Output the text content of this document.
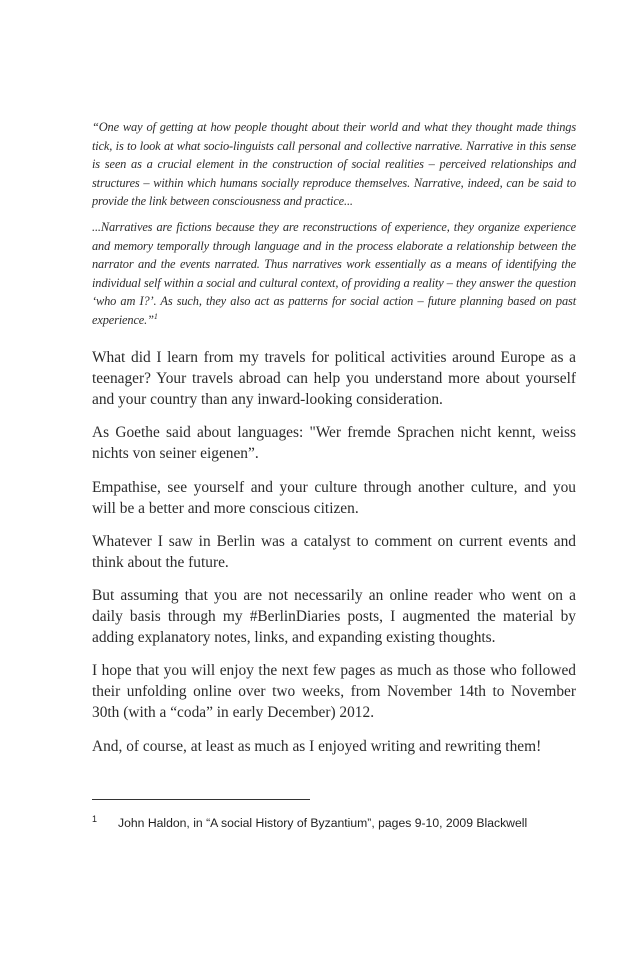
“One way of getting at how people thought about their world and what they thought made things tick, is to look at what socio-linguists call personal and collective narrative. Narrative in this sense is seen as a crucial element in the construction of social realities – perceived relationships and structures – within which humans socially reproduce themselves. Narrative, indeed, can be said to provide the link between consciousness and practice...

...Narratives are fictions because they are reconstructions of experience, they organize experience and memory temporally through language and in the process elaborate a relationship between the narrator and the events narrated. Thus narratives work essentially as a means of identifying the individual self within a social and cultural context, of providing a reality – they answer the question ‘who am I?’. As such, they also act as patterns for social action – future planning based on past experience.”$^1$

What did I learn from my travels for political activities around Europe as a teenager? Your travels abroad can help you understand more about yourself and your country than any inward-looking consideration.

As Goethe said about languages: "Wer fremde Sprachen nicht kennt, weiss nichts von seiner eigenen”.

Empathise, see yourself and your culture through another culture, and you will be a better and more conscious citizen.

Whatever I saw in Berlin was a catalyst to comment on current events and think about the future.

But assuming that you are not necessarily an online reader who went on a daily basis through my #BerlinDiaries posts, I augmented the material by adding explanatory notes, links, and expanding existing thoughts.

I hope that you will enjoy the next few pages as much as those who followed their unfolding online over two weeks, from November 14th to November 30th (with a “coda” in early December) 2012.

And, of course, at least as much as I enjoyed writing and rewriting them!

1 John Haldon, in “A social History of Byzantium”, pages 9-10, 2009 Blackwell
